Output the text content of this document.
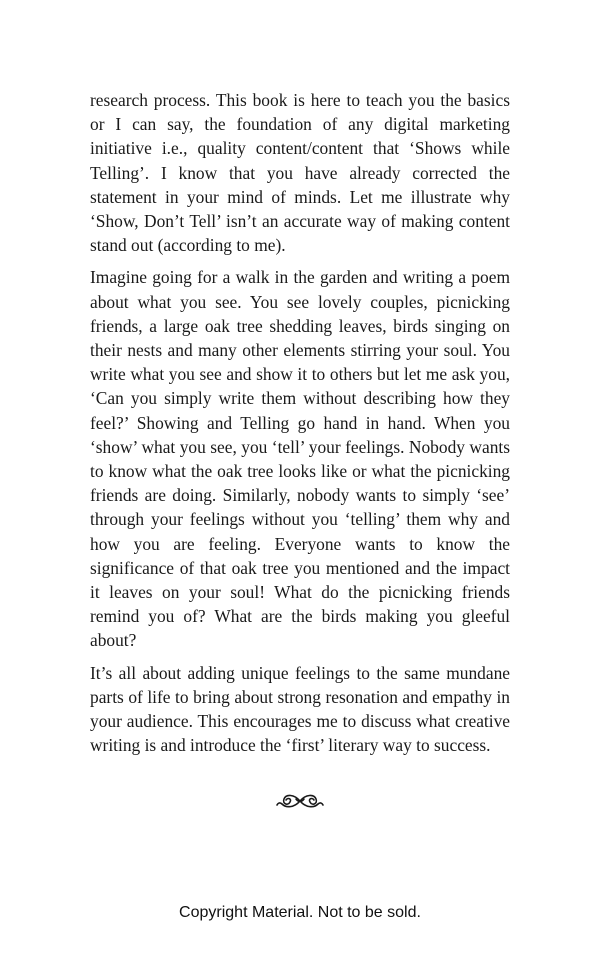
research process. This book is here to teach you the basics or I can say, the foundation of any digital marketing initiative i.e., quality content/content that ‘Shows while Telling’. I know that you have already corrected the statement in your mind of minds. Let me illustrate why ‘Show, Don’t Tell’ isn’t an accurate way of making content stand out (according to me).

Imagine going for a walk in the garden and writing a poem about what you see. You see lovely couples, picnicking friends, a large oak tree shedding leaves, birds singing on their nests and many other elements stirring your soul. You write what you see and show it to others but let me ask you, ‘Can you simply write them without describing how they feel?’ Showing and Telling go hand in hand. When you ‘show’ what you see, you ‘tell’ your feelings. Nobody wants to know what the oak tree looks like or what the picnicking friends are doing. Similarly, nobody wants to simply ‘see’ through your feelings without you ‘telling’ them why and how you are feeling. Everyone wants to know the significance of that oak tree you mentioned and the impact it leaves on your soul! What do the picnicking friends remind you of? What are the birds making you gleeful about?

It’s all about adding unique feelings to the same mundane parts of life to bring about strong resonation and empathy in your audience. This encourages me to discuss what creative writing is and introduce the ‘first’ literary way to success.

Copyright Material. Not to be sold.
